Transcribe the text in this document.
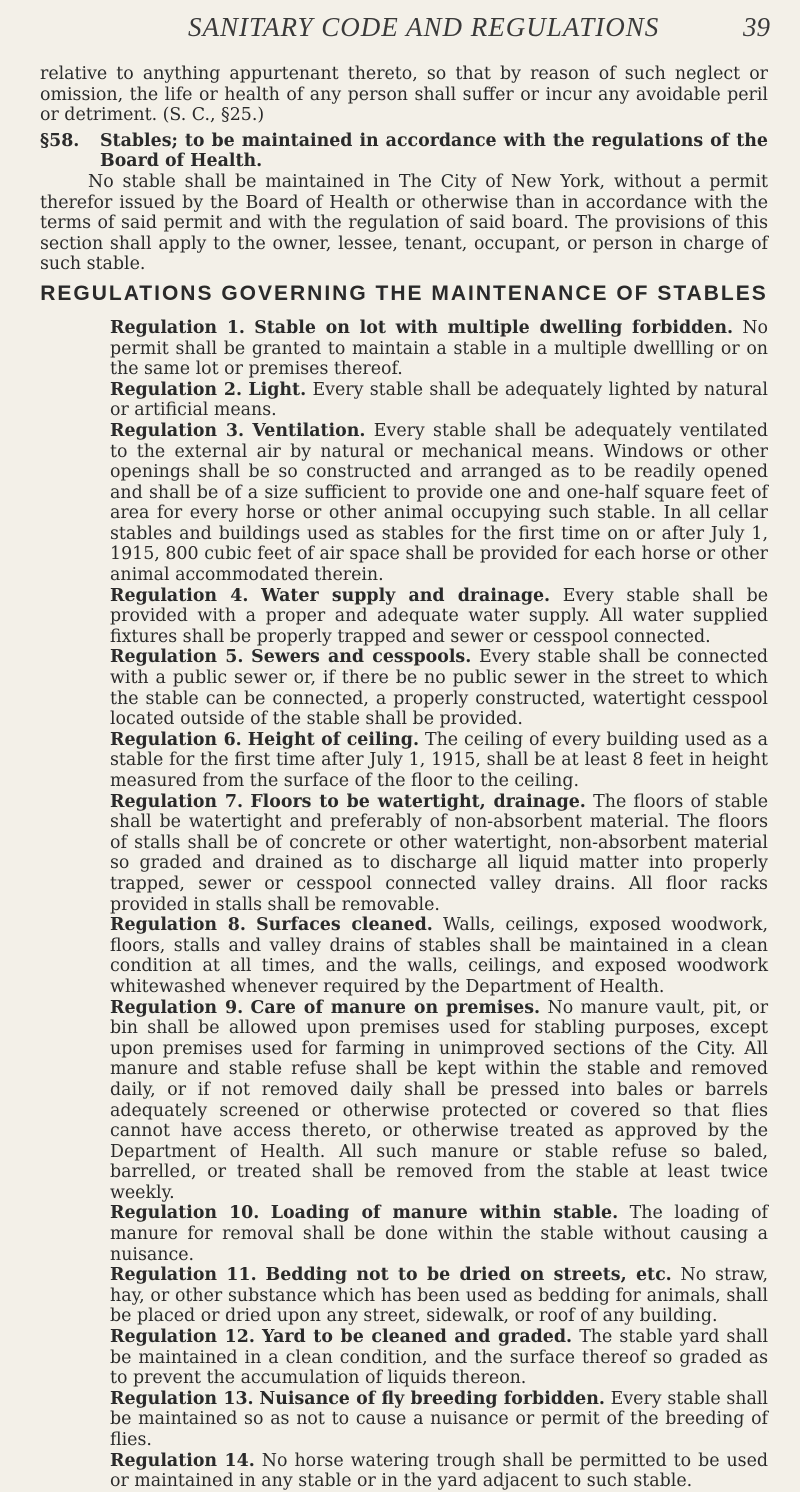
SANITARY CODE AND REGULATIONS	39

relative to anything appurtenant thereto, so that by reason of such neglect or omission, the life or health of any person shall suffer or incur any avoidable peril or detriment. (S. C., §25.)

§58.	Stables; to be maintained in accordance with the regulations of the Board of Health.

No stable shall be maintained in The City of New York, without a permit therefor issued by the Board of Health or otherwise than in accordance with the terms of said permit and with the regulation of said board. The provisions of this section shall apply to the owner, lessee, tenant, occupant, or person in charge of such stable.

REGULATIONS GOVERNING THE MAINTENANCE OF STABLES

Regulation 1. Stable on lot with multiple dwelling forbidden. No permit shall be granted to maintain a stable in a multiple dwellling or on the same lot or premises thereof.

Regulation 2. Light. Every stable shall be adequately lighted by natural or artificial means.

Regulation 3. Ventilation. Every stable shall be adequately ventilated to the external air by natural or mechanical means. Windows or other openings shall be so constructed and arranged as to be readily opened and shall be of a size sufficient to provide one and one-half square feet of area for every horse or other animal occupying such stable. In all cellar stables and buildings used as stables for the first time on or after July 1, 1915, 800 cubic feet of air space shall be provided for each horse or other animal accommodated therein.

Regulation 4. Water supply and drainage. Every stable shall be provided with a proper and adequate water supply. All water supplied fixtures shall be properly trapped and sewer or cesspool connected.

Regulation 5. Sewers and cesspools. Every stable shall be connected with a public sewer or, if there be no public sewer in the street to which the stable can be connected, a properly constructed, watertight cesspool located outside of the stable shall be provided.

Regulation 6. Height of ceiling. The ceiling of every building used as a stable for the first time after July 1, 1915, shall be at least 8 feet in height measured from the surface of the floor to the ceiling.

Regulation 7. Floors to be watertight, drainage. The floors of stable shall be watertight and preferably of non-absorbent material. The floors of stalls shall be of concrete or other watertight, non-absorbent material so graded and drained as to discharge all liquid matter into properly trapped, sewer or cesspool connected valley drains. All floor racks provided in stalls shall be removable.

Regulation 8. Surfaces cleaned. Walls, ceilings, exposed woodwork, floors, stalls and valley drains of stables shall be maintained in a clean condition at all times, and the walls, ceilings, and exposed woodwork whitewashed whenever required by the Department of Health.

Regulation 9. Care of manure on premises. No manure vault, pit, or bin shall be allowed upon premises used for stabling purposes, except upon premises used for farming in unimproved sections of the City. All manure and stable refuse shall be kept within the stable and removed daily, or if not removed daily shall be pressed into bales or barrels adequately screened or otherwise protected or covered so that flies cannot have access thereto, or otherwise treated as approved by the Department of Health. All such manure or stable refuse so baled, barrelled, or treated shall be removed from the stable at least twice weekly.

Regulation 10. Loading of manure within stable. The loading of manure for removal shall be done within the stable without causing a nuisance.

Regulation 11. Bedding not to be dried on streets, etc. No straw, hay, or other substance which has been used as bedding for animals, shall be placed or dried upon any street, sidewalk, or roof of any building.

Regulation 12. Yard to be cleaned and graded. The stable yard shall be maintained in a clean condition, and the surface thereof so graded as to prevent the accumulation of liquids thereon.

Regulation 13. Nuisance of fly breeding forbidden. Every stable shall be maintained so as not to cause a nuisance or permit of the breeding of flies.

Regulation 14. No horse watering trough shall be permitted to be used or maintained in any stable or in the yard adjacent to such stable.
